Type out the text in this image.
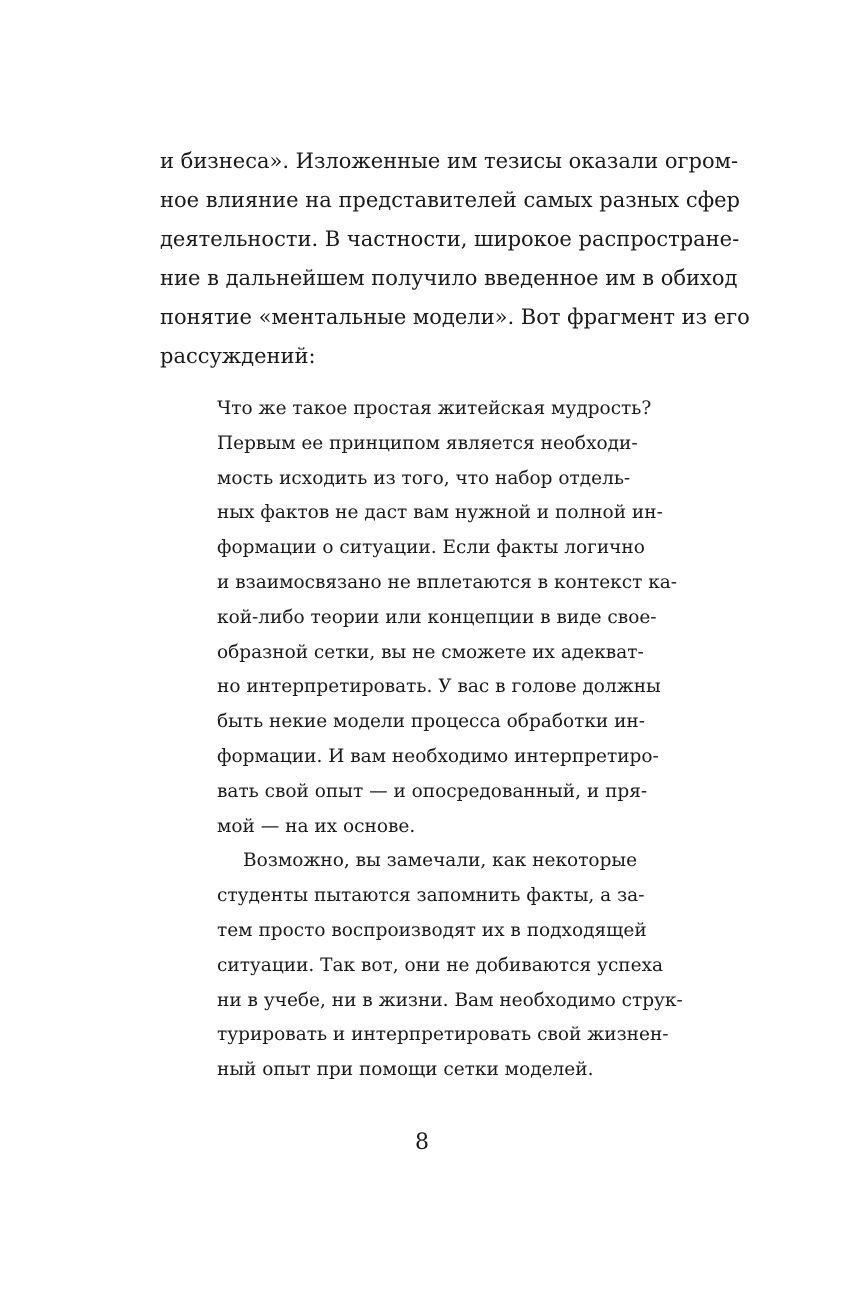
и бизнеса». Изложенные им тезисы оказали огром-
ное влияние на представителей самых разных сфер
деятельности. В частности, широкое распростране-
ние в дальнейшем получило введенное им в обиход
понятие «ментальные модели». Вот фрагмент из его
рассуждений:
Что же такое простая житейская мудрость?
Первым ее принципом является необходи-
мость исходить из того, что набор отдель-
ных фактов не даст вам нужной и полной ин-
формации о ситуации. Если факты логично
и взаимосвязано не вплетаются в контекст ка-
кой-либо теории или концепции в виде свое-
образной сетки, вы не сможете их адекват-
но интерпретировать. У вас в голове должны
быть некие модели процесса обработки ин-
формации. И вам необходимо интерпретиро-
вать свой опыт — и опосредованный, и пря-
мой — на их основе.
Возможно, вы замечали, как некоторые
студенты пытаются запомнить факты, а за-
тем просто воспроизводят их в подходящей
ситуации. Так вот, они не добиваются успеха
ни в учебе, ни в жизни. Вам необходимо струк-
турировать и интерпретировать свой жизнен-
ный опыт при помощи сетки моделей.
8
